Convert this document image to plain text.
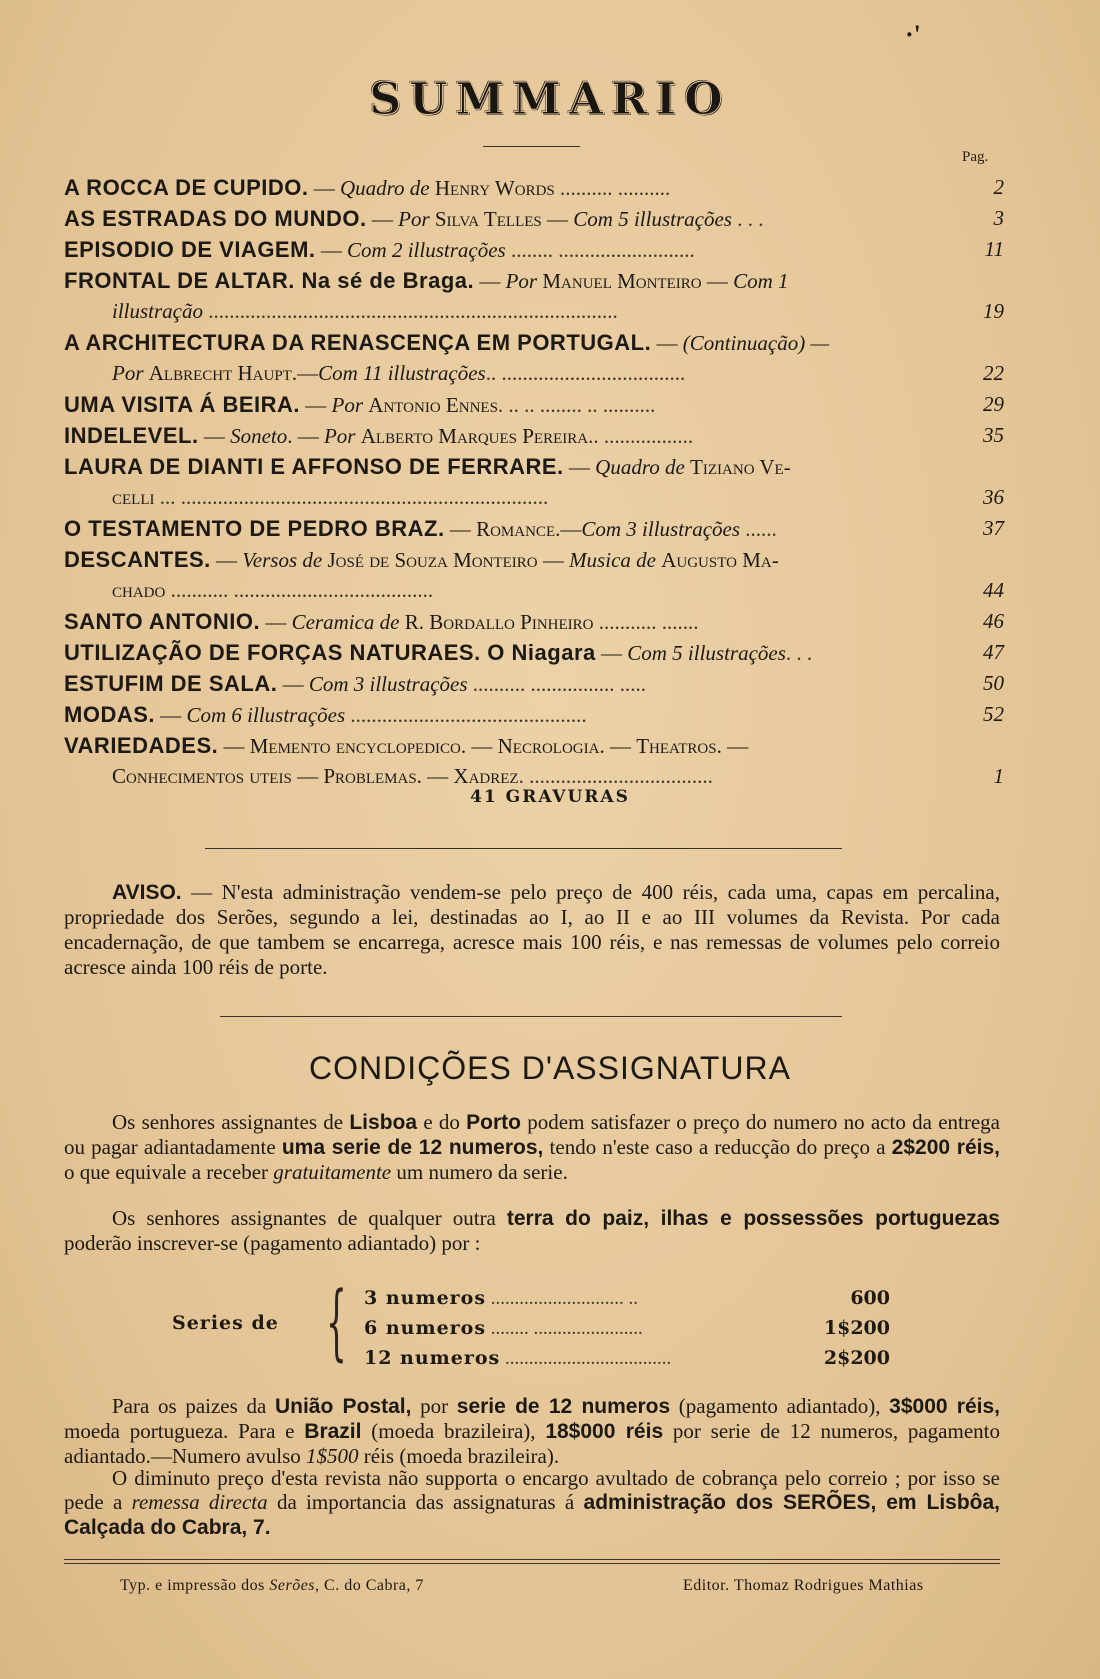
·'
SUMMARIO
Pag.
A ROCCA DE CUPIDO. — Quadro de Henry Words .......... ..........	2
AS ESTRADAS DO MUNDO. — Por Silva Telles — Com 5 illustrações . . .	3
EPISODIO DE VIAGEM. — Com 2 illustrações ........ ..........................	11
FRONTAL DE ALTAR. Na sé de Braga. — Por Manuel Monteiro — Com 1
illustração ..............................................................................	19
A ARCHITECTURA DA RENASCENÇA EM PORTUGAL. — (Continuação) —
Por Albrecht Haupt.—Com 11 illustrações.. ...................................	22
UMA VISITA Á BEIRA. — Por Antonio Ennes. .. .. ........ .. ..........	29
INDELEVEL. — Soneto. — Por Alberto Marques Pereira.. .................	35
LAURA DE DIANTI E AFFONSO DE FERRARE. — Quadro de Tiziano Ve-
celli ... ......................................................................	36
O TESTAMENTO DE PEDRO BRAZ. — Romance.—Com 3 illustrações ......	37
DESCANTES. — Versos de José de Souza Monteiro — Musica de Augusto Ma-
chado ........... ......................................	44
SANTO ANTONIO. — Ceramica de R. Bordallo Pinheiro ........... .......	46
UTILIZAÇÃO DE FORÇAS NATURAES. O Niagara — Com 5 illustrações. . .	47
ESTUFIM DE SALA. — Com 3 illustrações .......... ................ .....	50
MODAS. — Com 6 illustrações .............................................	52
VARIEDADES. — Memento encyclopedico. — Necrologia. — Theatros. —
Conhecimentos uteis — Problemas. — Xadrez. ...................................	1
41 GRAVURAS
AVISO. — N'esta administração vendem-se pelo preço de 400 réis, cada uma, capas em percalina, propriedade dos Serões, segundo a lei, destinadas ao I, ao II e ao III volumes da Revista. Por cada encadernação, de que tambem se encarrega, acresce mais 100 réis, e nas remessas de volumes pelo correio acresce ainda 100 réis de porte.
CONDIÇÕES D'ASSIGNATURA

Os senhores assignantes de Lisboa e do Porto podem satisfazer o preço do numero no acto da entrega ou pagar adiantadamente uma serie de 12 numeros, tendo n'este caso a reducção do preço a 2$200 réis, o que equivale a receber gratuitamente um numero da serie.

Os senhores assignantes de qualquer outra terra do paiz, ilhas e possessões portuguezas poderão inscrever-se (pagamento adiantado) por :

Series de { 3 numeros ............................ ..	600
6 numeros ........ .......................	1$200
12 numeros ...................................	2$200

Para os paizes da União Postal, por serie de 12 numeros (pagamento adiantado), 3$000 réis, moeda portugueza. Para e Brazil (moeda brazileira), 18$000 réis por serie de 12 numeros, pagamento adiantado.—Numero avulso 1$500 réis (moeda brazileira).

O diminuto preço d'esta revista não supporta o encargo avultado de cobrança pelo correio ; por isso se pede a remessa directa da importancia das assignaturas á administração dos SERÕES, em Lisbôa, Calçada do Cabra, 7.

Typ. e impressão dos Serões, C. do Cabra, 7	Editor. Thomaz Rodrigues Mathias
